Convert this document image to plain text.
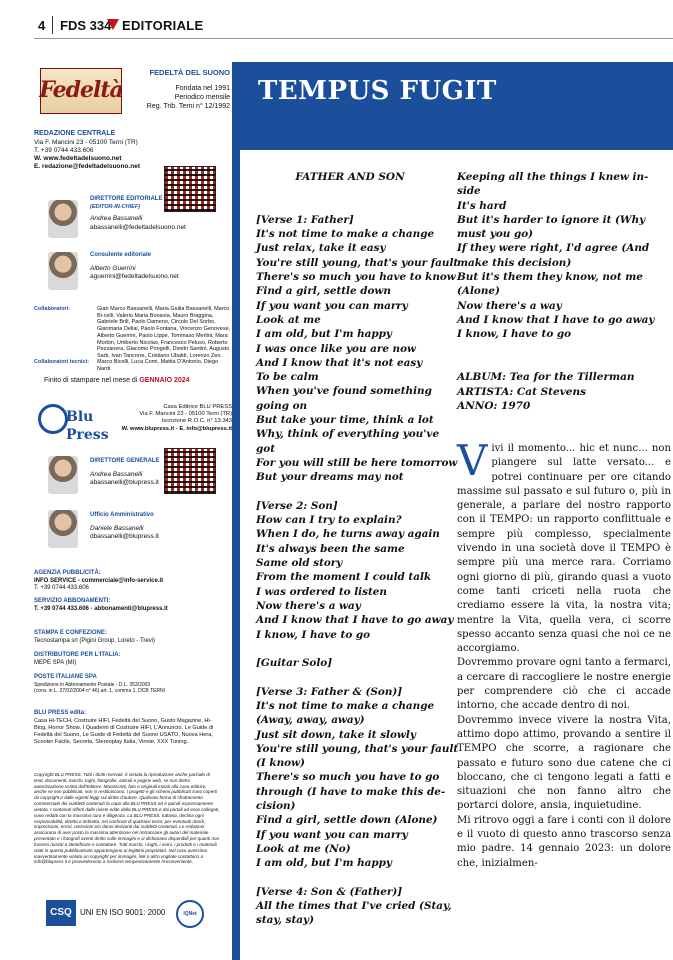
4 FDS 334 EDITORIALE
Fedeltà
FEDELTÀ DEL SUONO
Fondata nel 1991
Periodico mensile
Reg. Trib. Terni n° 12/1992
REDAZIONE CENTRALE
Via F. Mancini 23 - 05100 Terni (TR)
T. +39 0744 433.606
W. www.fedeltadelsuono.net
E. redazione@fedeltadelsuono.net
DIRETTORE EDITORIALE
(EDITOR-IN-CHIEF)
Andrea Bassanelli
abassanelli@fedeltadelsuono.net
Consulente editoriale
Alberto Guerrini
aguerrini@fedeltadelsuono.net
Collaboratori:	Gian Marco Bassanelli, Maria Giulia Bassanelli, Marco Bi-celli, Valerio Maria Bonavia, Mauro Braggina, Gabriele Brili, Paolo Dameno, Circolo Del Sorbo, Gianmaria Deliai, Paolo Fontana, Vincenzo Genovese, Alberto Guerrini, Paolo Lippe, Tommaso Merlini, Mara Morbin, Umberto Nicolao, Francesco Peluso, Roberto Pezzanera, Giacomo Pongelli, Dimitri Santini, Augusto Sarti, Ivan Tancorre, Cristiano Ubaldi, Lorenzo Zen.
Collaboratori tecnici:	Marco Bicelli, Luca Comi, Mattia D'Antonio, Diego Nardi
Finito di stampare nel mese di GENNAIO 2024
Blu Press
Casa Editrice BLU PRESS
Via F. Mancini 23 - 05100 Terni (TR)
Iscrizione R.O.C. n° 13.343
W. www.blupress.it - E. info@blupress.it
DIRETTORE GENERALE
Andrea Bassanelli
abassanelli@blupress.it
Ufficio Amministrativo
Daniele Bassanelli
dbassanelli@blupress.it
AGENZIA PUBBLICITÀ:
INFO SERVICE - commerciale@info-service.it
T. +39 0744 433.606
SERVIZIO ABBONAMENTI:
T. +39 0744 433.606 - abbonamenti@blupress.it
STAMPA E CONFEZIONE:
Tecnostampa srl (Pigini Group, Loreto - Trevi)
DISTRIBUTORE PER L'ITALIA:
MEPE SPA (MI)
POSTE ITALIANE SPA
Spedizione in Abbonamento Postale - D.L. 353/2003
(conv. in L. 27/02/2004 n° 46) art. 1, comma 1, DCB TERNI
BLU PRESS edita:
Casa Hi-TECH, Costruire HIFI, Fedeltà del Suono, Gusto Magazine, Hi-Blog, Horror Show, I Quaderni di Costruire HIFI, L'Annuncio, Le Guide di Fedeltà del Suono, Le Guide di Fedeltà del Suono USATO, Nuova Hera, Scooter Facile, Secreta, Stereoplay Italia, Vinnie, XXX Tuning.
Copyright BLU PRESS. Tutti i diritti riservati. è vietata la riproduzione anche parziale di testi, documenti, marchi, loghi, fotografie, articoli e pagine web, se non dietro autorizzazione scritta dell'Editore. Manoscritti, foto e originali inviati alla casa editrice, anche se non pubblicati, non si restituiscono. I progetti e gli schemi pubblicati sono coperti da copyright e dalle vigenti leggi sul diritto d'autore. Qualsiasi forma di sfruttamento commerciale dei suddetti contenuti fa capo alla BLU PRESS ed è quindi espressamente vietata. I contenuti offerti dalle riviste edite dalla BLU PRESS e dai portali ad esse collegati, sono redatti con la massima cura e diligenza. La BLU PRESS, tuttavia, declina ogni responsabilità, diretta e indiretta, nei confronti di qualsiasi terzo, per eventuali ritardi, imprecisioni, errori, omissioni e/o danni derivanti dai suddetti contenuti. Le redazioni assicurano di aver posto la massima attenzione nel rintracciare gli autori del materiale presentato e i fotografi aventi diritto sulle immagini e si dichiarano disponibili per quanti non fossero riusciti a identificare e contattare. Tutti marchi, i loghi, i nomi, i prodotti e i materiali citati in questa pubblicazione appartengono ai legittimi proprietari. Nel caso avessimo inavvertitamente violato un copyright per immagini, link o altro vogliate contattarci a info@blupress.it e provvederemo a risolvere tempestivamente l'inconveniente.
CSQ	UNI EN ISO 9001: 2000	IQNet
TEMPUS FUGIT
FATHER AND SON
[Verse 1: Father]
It's not time to make a change
Just relax, take it easy
You're still young, that's your fault
There's so much you have to know
Find a girl, settle down
If you want you can marry
Look at me
I am old, but I'm happy
I was once like you are now
And I know that it's not easy
To be calm
When you've found something
going on
But take your time, think a lot
Why, think of everything you've
got
For you will still be here tomorrow
But your dreams may not
[Verse 2: Son]
How can I try to explain?
When I do, he turns away again
It's always been the same
Same old story
From the moment I could talk
I was ordered to listen
Now there's a way
And I know that I have to go away
I know, I have to go
[Guitar Solo]
[Verse 3: Father & (Son)]
It's not time to make a change
(Away, away, away)
Just sit down, take it slowly
You're still young, that's your fault
(I know)
There's so much you have to go
through (I have to make this de-
cision)
Find a girl, settle down (Alone)
If you want you can marry
Look at me (No)
I am old, but I'm happy
[Verse 4: Son & (Father)]
All the times that I've cried (Stay,
stay, stay)
Keeping all the things I knew in-
side
It's hard
But it's harder to ignore it (Why
must you go)
If they were right, I'd agree (And
make this decision)
But it's them they know, not me
(Alone)
Now there's a way
And I know that I have to go away
I know, I have to go
ALBUM: Tea for the Tillerman
ARTISTA: Cat Stevens
ANNO: 1970
V ivi il momento... hic et nunc... non piangere sul latte versato... e potrei continuare per ore citando massime sul passato e sul futuro o, più in generale, a parlare del nostro rapporto con il TEMPO: un rapporto conflittuale e sempre più complesso, specialmente vivendo in una società dove il TEMPO è sempre più una merce rara. Corriamo ogni giorno di più, girando quasi a vuoto come tanti criceti nella ruota che crediamo essere la vita, la nostra vita; mentre la Vita, quella vera, ci scorre spesso accanto senza quasi che noi ce ne accorgiamo.

Dovremmo provare ogni tanto a fermarci, a cercare di raccogliere le nostre energie per comprendere ciò che ci accade intorno, che accade dentro di noi.

Dovremmo invece vivere la nostra Vita, attimo dopo attimo, provando a sentire il TEMPO che scorre, a ragionare che passato e futuro sono due catene che ci bloccano, che ci tengono legati a fatti e situazioni che non fanno altro che portarci dolore, ansia, inquietudine.

Mi ritrovo oggi a fare i conti con il dolore e il vuoto di questo anno trascorso senza mio padre. 14 gennaio 2023: un dolore che, inizialmen-
